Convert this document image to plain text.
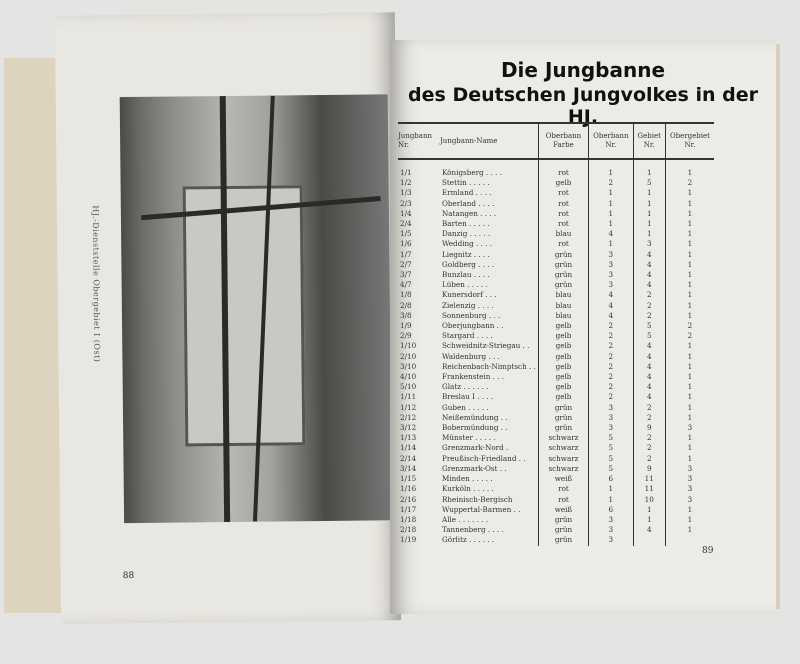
HJ.-Dienststelle Obergebiet I (Ost)
88
Die Jungbanne
des Deutschen Jungvolkes in der HJ.
Jungbann Nr.	Jungbann-Name	Oberbann Farbe	Oberbann Nr.	Gebiet Nr.	Obergebiet Nr.
1/1	Königsberg . . . .	rot	1	1	1
1/2	Stettin . . . . .	gelb	2	5	2
1/3	Ermland . . . .	rot	1	1	1
2/3	Oberland . . . .	rot	1	1	1
1/4	Natangen . . . .	rot	1	1	1
2/4	Barten . . . . .	rot	1	1	1
1/5	Danzig . . . . .	blau	4	1	1
1/6	Wedding . . . .	rot	1	3	1
1/7	Liegnitz . . . .	grün	3	4	1
2/7	Goldberg . . . .	grün	3	4	1
3/7	Bunzlau . . . .	grün	3	4	1
4/7	Lüben . . . . .	grün	3	4	1
1/8	Kunersdorf . . .	blau	4	2	1
2/8	Zielenzig . . . .	blau	4	2	1
3/8	Sonnenburg . . .	blau	4	2	1
1/9	Oberjungbann . .	gelb	2	5	2
2/9	Stargard . . . .	gelb	2	5	2
1/10	Schweidnitz-Striegau . .	gelb	2	4	1
2/10	Waldenburg . . .	gelb	2	4	1
3/10	Reichenbach-Nimptsch . .	gelb	2	4	1
4/10	Frankenstein . . .	gelb	2	4	1
5/10	Glatz . . . . . .	gelb	2	4	1
1/11	Breslau I . . . .	gelb	2	4	1
1/12	Guben . . . . .	grün	3	2	1
2/12	Neißemündung . .	grün	3	2	1
3/12	Bobermündung . .	grün	3	9	3
1/13	Münster . . . . .	schwarz	5	2	1
1/14	Grenzmark-Nord .	schwarz	5	2	1
2/14	Preußisch-Friedland . .	schwarz	5	2	1
3/14	Grenzmark-Ost . .	schwarz	5	9	3
1/15	Minden . . . . .	weiß	6	11	3
1/16	Kurköln . . . . .	rot	1	11	3
2/16	Rheinisch-Bergisch	rot	1	10	3
1/17	Wuppertal-Barmen . .	weiß	6	1	1
1/18	Alle . . . . . . .	grün	3	1	1
2/18	Tannenberg . . . .	grün	3	4	1
1/19	Görlitz . . . . . .	grün	3		
89
